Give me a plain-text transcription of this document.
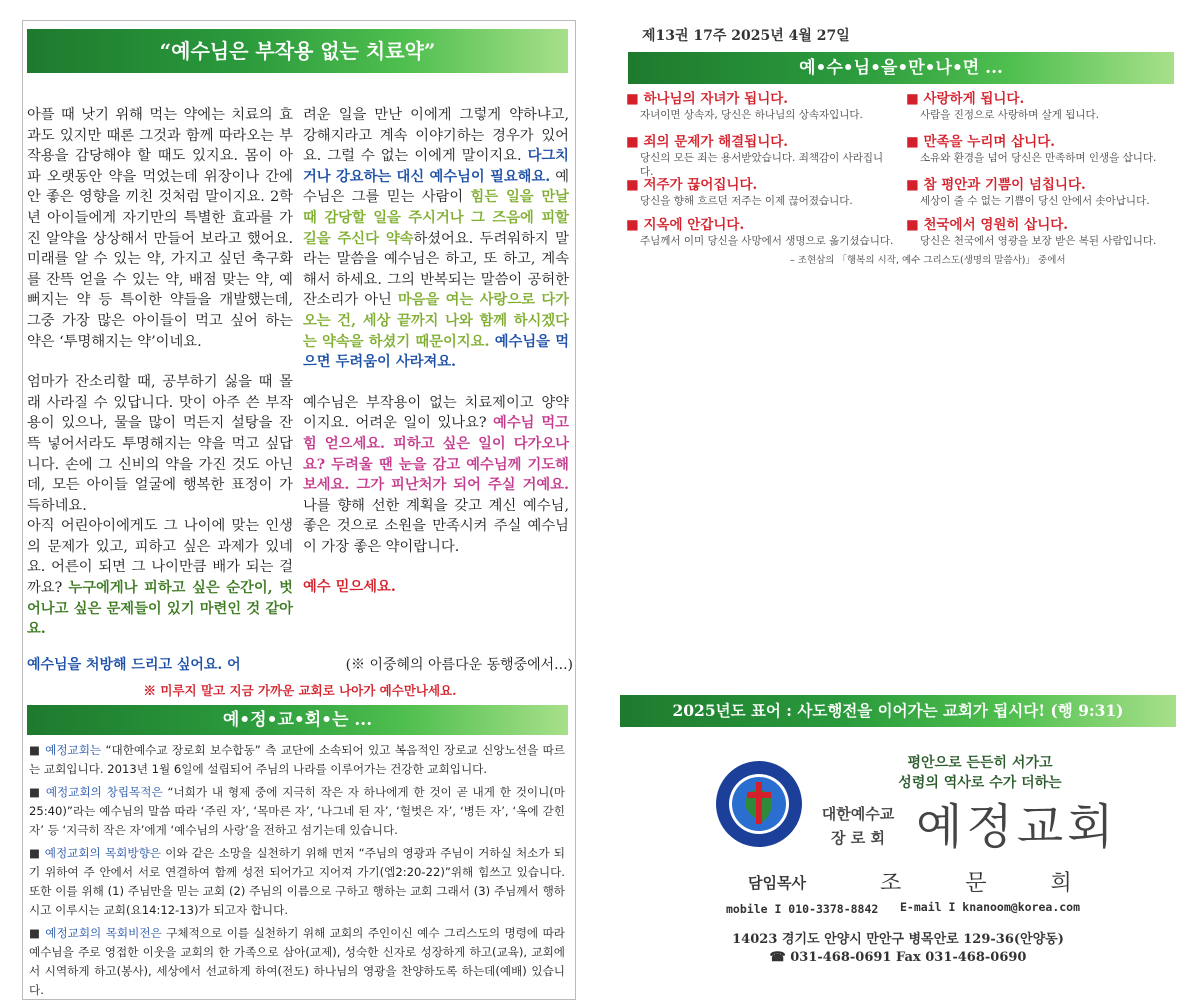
“예수님은 부작용 없는 치료약”

아플 때 낫기 위해 먹는 약에는 치료의 효과도 있지만 때론 그것과 함께 따라오는 부작용을 감당해야 할 때도 있지요. 몸이 아파 오랫동안 약을 먹었는데 위장이나 간에 안 좋은 영향을 끼친 것처럼 말이지요. 2학년 아이들에게 자기만의 특별한 효과를 가진 알약을 상상해서 만들어 보라고 했어요. 미래를 알 수 있는 약, 가지고 싶던 축구화를 잔뜩 얻을 수 있는 약, 배점 맞는 약, 예뻐지는 약 등 특이한 약들을 개발했는데, 그중 가장 많은 아이들이 먹고 싶어 하는 약은 ‘투명해지는 약’이네요.

엄마가 잔소리할 때, 공부하기 싫을 때 몰래 사라질 수 있답니다. 맛이 아주 쓴 부작용이 있으나, 물을 많이 먹든지 설탕을 잔뜩 넣어서라도 투명해지는 약을 먹고 싶답니다. 손에 그 신비의 약을 가진 것도 아닌데, 모든 아이들 얼굴에 행복한 표정이 가득하네요.
아직 어린아이에게도 그 나이에 맞는 인생의 문제가 있고, 피하고 싶은 과제가 있네요. 어른이 되면 그 나이만큼 배가 되는 걸까요? 누구에게나 피하고 싶은 순간이, 벗어나고 싶은 문제들이 있기 마련인 것 같아요.

려운 일을 만난 이에게 그렇게 약하냐고, 강해지라고 계속 이야기하는 경우가 있어요. 그럴 수 없는 이에게 말이지요. 다그치거나 강요하는 대신 예수님이 필요해요. 예수님은 그를 믿는 사람이 힘든 일을 만날 때 감당할 일을 주시거나 그 즈음에 피할 길을 주신다 약속하셨어요. 두려워하지 말라는 말씀을 예수님은 하고, 또 하고, 계속해서 하세요. 그의 반복되는 말씀이 공허한 잔소리가 아닌 마음을 여는 사랑으로 다가오는 건, 세상 끝까지 나와 함께 하시겠다는 약속을 하셨기 때문이지요. 예수님을 먹으면 두려움이 사라져요.

예수님은 부작용이 없는 치료제이고 양약이지요. 어려운 일이 있나요? 예수님 먹고 힘 얻으세요. 피하고 싶은 일이 다가오나요? 두려울 땐 눈을 감고 예수님께 기도해보세요. 그가 피난처가 되어 주실 거예요. 나를 향해 선한 계획을 갖고 계신 예수님, 좋은 것으로 소원을 만족시켜 주실 예수님이 가장 좋은 약이랍니다.

예수 믿으세요.

예수님을 처방해 드리고 싶어요. 어	(※ 이중혜의 아름다운 동행중에서...)
※ 미루지 말고 지금 가까운 교회로 나아가 예수만나세요.
예•정•교•회•는 ...
■ 예정교회는 “대한예수교 장로회 보수합동” 측 교단에 소속되어 있고 복음적인 장로교 신앙노선을 따르는 교회입니다. 2013년 1월 6일에 설립되어 주님의 나라를 이루어가는 건강한 교회입니다.
■ 예정교회의 창립목적은 “너희가 내 형제 중에 지극히 작은 자 하나에게 한 것이 곧 내게 한 것이니(마 25:40)”라는 예수님의 말씀 따라 ‘주린 자’, ‘목마른 자’, ‘나그네 된 자’, ‘헐벗은 자’, ‘병든 자’, ‘옥에 갇힌 자’ 등 ‘지극히 작은 자’에게 ‘예수님의 사랑’을 전하고 섬기는데 있습니다.
■ 예정교회의 목회방향은 이와 같은 소망을 실천하기 위해 먼저 “주님의 영광과 주님이 거하실 처소가 되기 위하여 주 안에서 서로 연결하여 함께 성전 되어가고 지어져 가기(엡2:20-22)”위해 힘쓰고 있습니다. 또한 이를 위해 (1) 주님만을 믿는 교회 (2) 주님의 이름으로 구하고 행하는 교회 그래서 (3) 주님께서 행하시고 이루시는 교회(요14:12-13)가 되고자 합니다.
■ 예정교회의 목회비전은 구체적으로 이를 실천하기 위해 교회의 주인이신 예수 그리스도의 명령에 따라 예수님을 주로 영접한 이웃을 교회의 한 가족으로 삼아(교제), 성숙한 신자로 성장하게 하고(교육), 교회에서 시역하게 하고(봉사), 세상에서 선교하게 하여(전도) 하나님의 영광을 찬양하도록 하는데(예배) 있습니다.
제13권 17주 2025년 4월 27일
예•수•님•을•만•나•면 ...
■ 하나님의 자녀가 됩니다.
자녀이면 상속자, 당신은 하나님의 상속자입니다.
■ 사랑하게 됩니다.
사람을 진정으로 사랑하며 살게 됩니다.
■ 죄의 문제가 해결됩니다.
당신의 모든 죄는 용서받았습니다. 죄책감이 사라집니다.
■ 만족을 누리며 삽니다.
소유와 환경을 넘어 당신은 만족하며 인생을 삽니다.
■ 저주가 끊어집니다.
당신을 향해 흐르던 저주는 이제 끊어졌습니다.
■ 참 평안과 기쁨이 넘칩니다.
세상이 줄 수 없는 기쁨이 당신 안에서 솟아납니다.
■ 지옥에 안갑니다.
주님께서 이미 당신을 사망에서 생명으로 옮기셨습니다.
■ 천국에서 영원히 삽니다.
당신은 천국에서 영광을 보장 받은 복된 사람입니다.
– 조현삼의 「행복의 시작, 예수 그리스도(생명의 말씀사)」 중에서
2025년도 표어 : 사도행전을 이어가는 교회가 됩시다! (행 9:31)
평안으로 든든히 서가고
성령의 역사로 수가 더하는
대한예수교
장 로 회 예정교회
담임목사	조문희
mobile I 010-3378-8842 E-mail I knanoom@korea.com
14023 경기도 안양시 만안구 병목안로 129-36(안양동)
☎ 031-468-0691 Fax 031-468-0690
